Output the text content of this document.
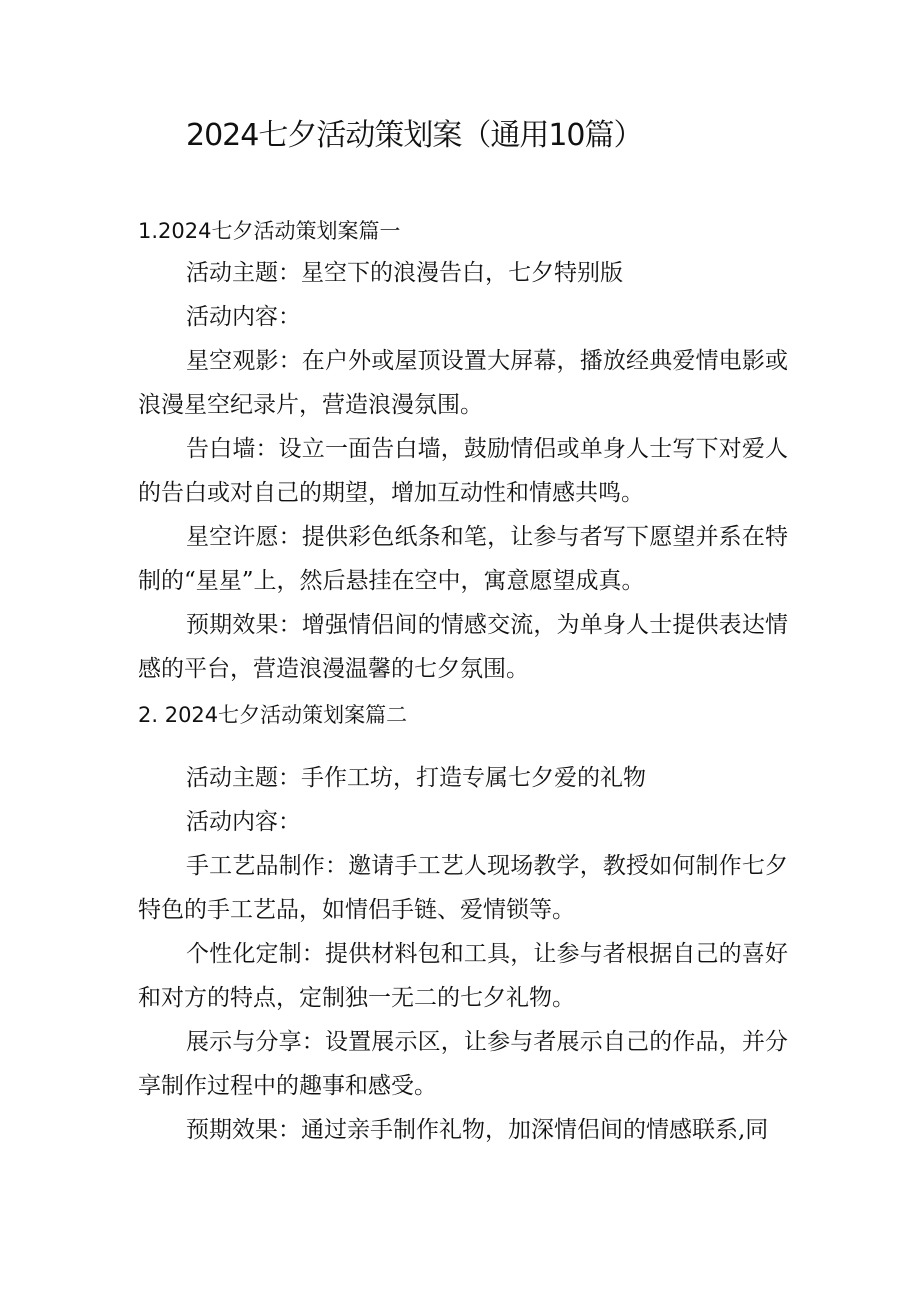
2024七夕活动策划案（通用10篇）
1.2024七夕活动策划案篇一

活动主题：星空下的浪漫告白，七夕特别版

活动内容：

星空观影：在户外或屋顶设置大屏幕，播放经典爱情电影或浪漫星空纪录片，营造浪漫氛围。

告白墙：设立一面告白墙，鼓励情侣或单身人士写下对爱人的告白或对自己的期望，增加互动性和情感共鸣。

星空许愿：提供彩色纸条和笔，让参与者写下愿望并系在特制的“星星”上，然后悬挂在空中，寓意愿望成真。

预期效果：增强情侣间的情感交流，为单身人士提供表达情感的平台，营造浪漫温馨的七夕氛围。

2. 2024七夕活动策划案篇二

活动主题：手作工坊，打造专属七夕爱的礼物

活动内容：

手工艺品制作：邀请手工艺人现场教学，教授如何制作七夕特色的手工艺品，如情侣手链、爱情锁等。

个性化定制：提供材料包和工具，让参与者根据自己的喜好和对方的特点，定制独一无二的七夕礼物。

展示与分享：设置展示区，让参与者展示自己的作品，并分享制作过程中的趣事和感受。

预期效果：通过亲手制作礼物，加深情侣间的情感联系,同
